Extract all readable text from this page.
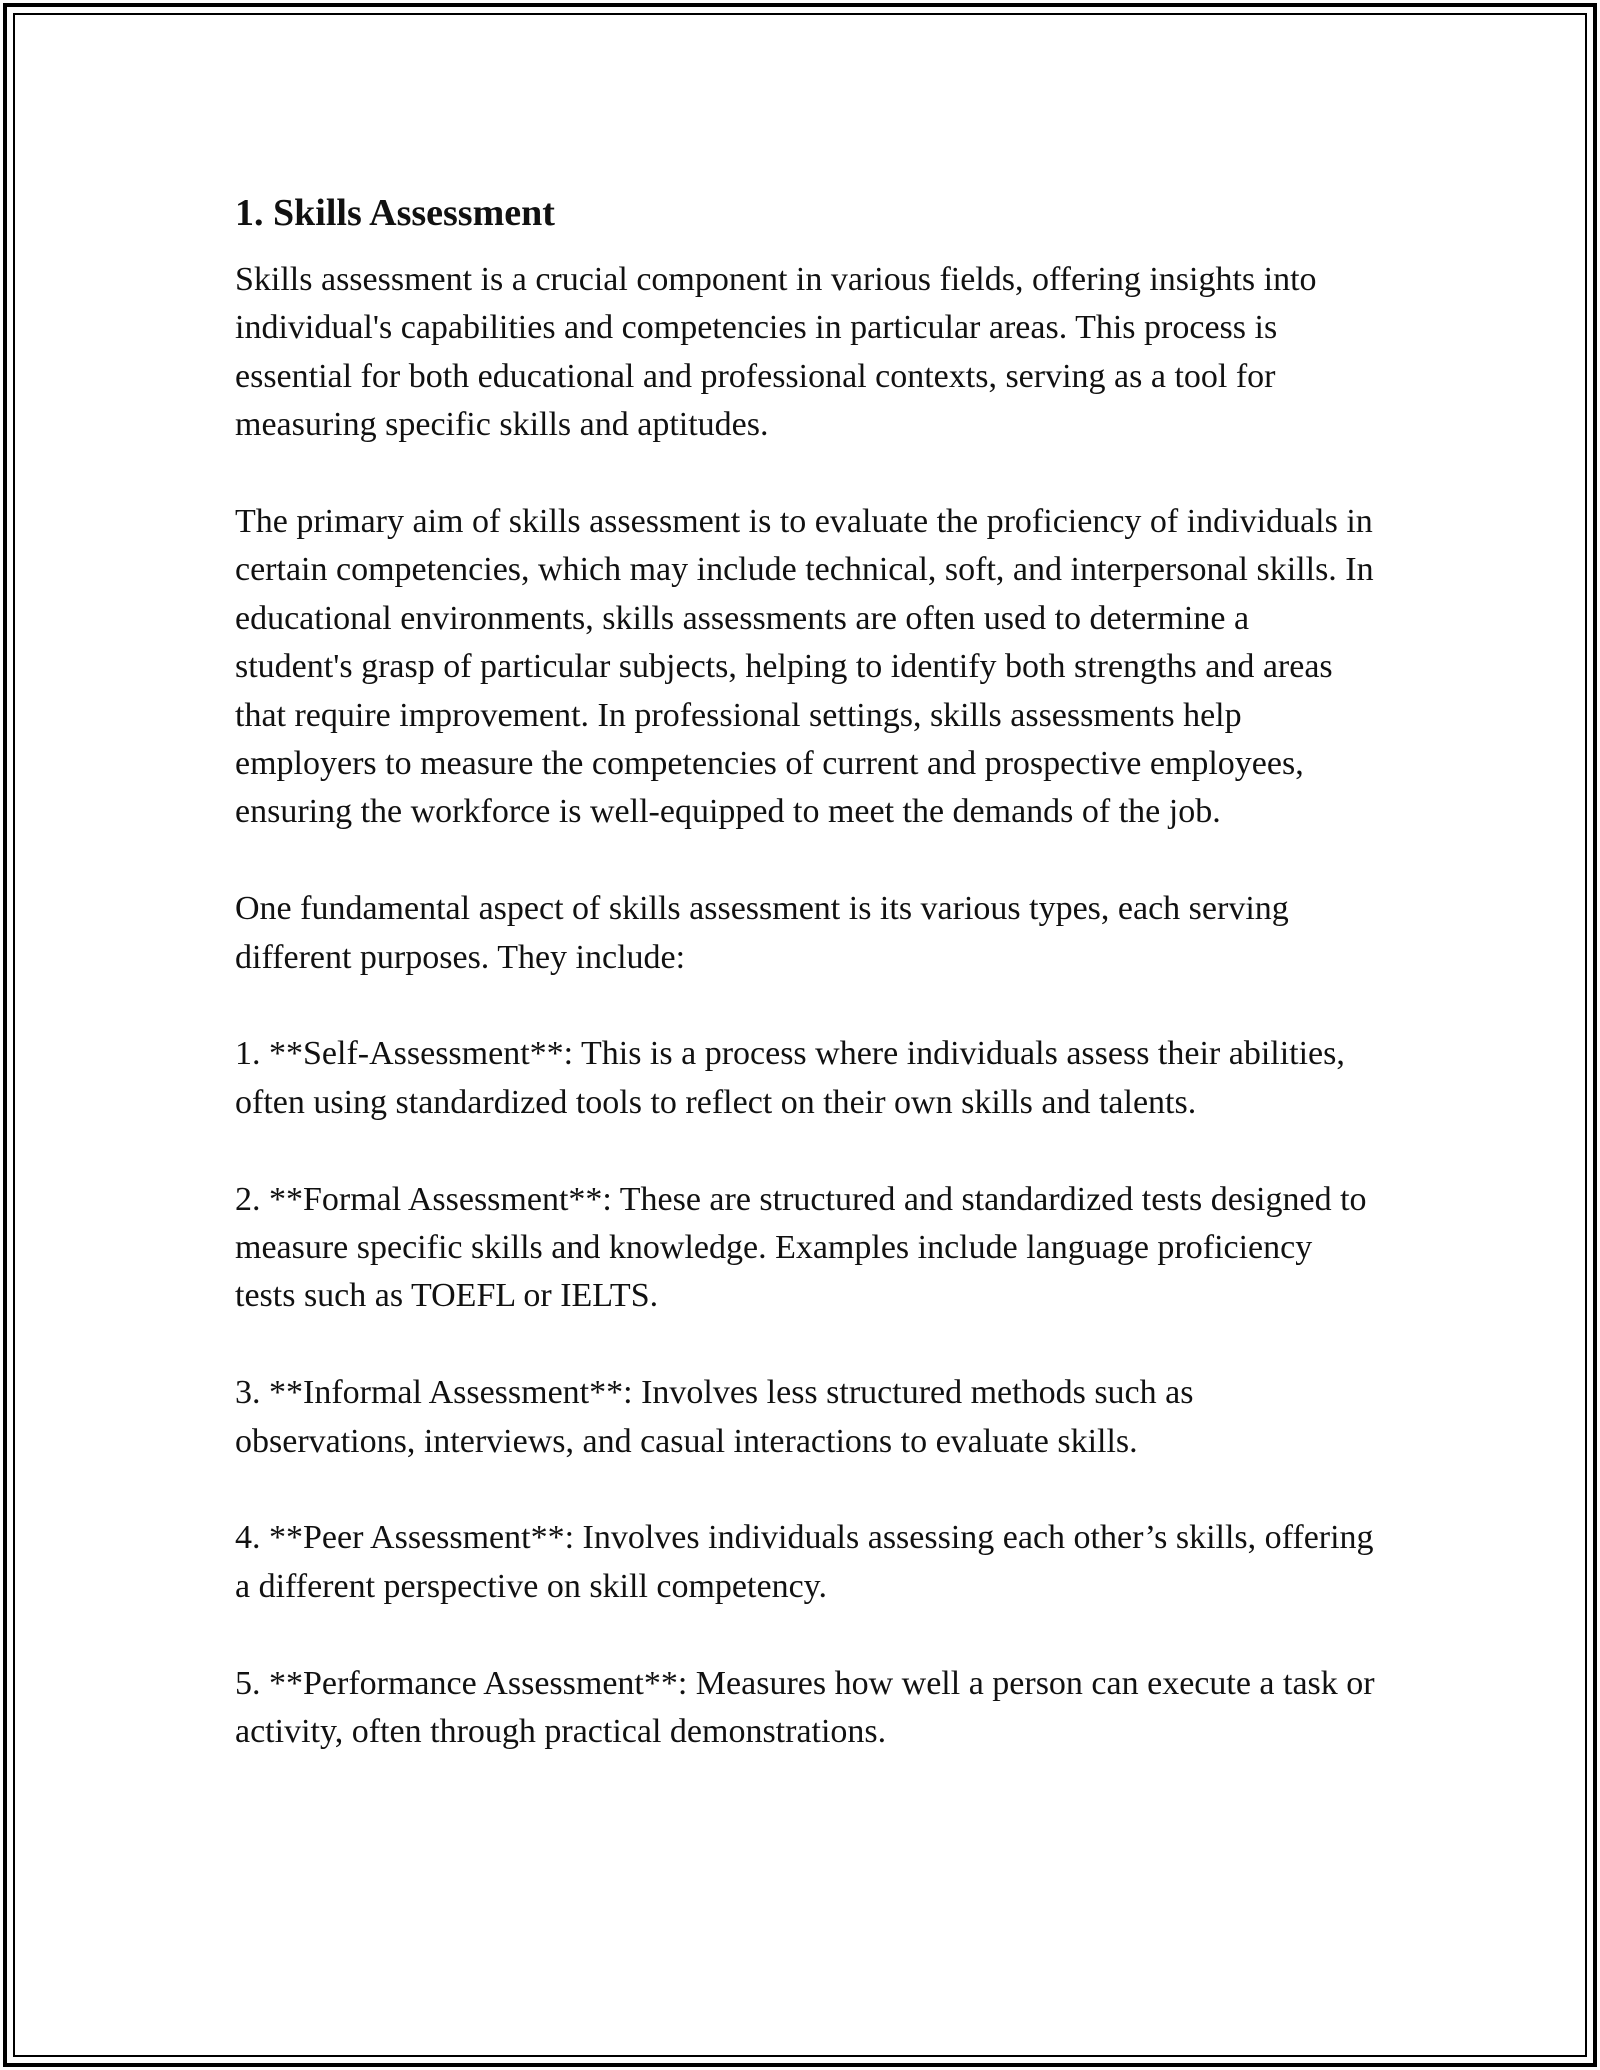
1. Skills Assessment

Skills assessment is a crucial component in various fields, offering insights into individual's capabilities and competencies in particular areas. This process is essential for both educational and professional contexts, serving as a tool for measuring specific skills and aptitudes.

The primary aim of skills assessment is to evaluate the proficiency of individuals in certain competencies, which may include technical, soft, and interpersonal skills. In educational environments, skills assessments are often used to determine a student's grasp of particular subjects, helping to identify both strengths and areas that require improvement. In professional settings, skills assessments help employers to measure the competencies of current and prospective employees, ensuring the workforce is well-equipped to meet the demands of the job.

One fundamental aspect of skills assessment is its various types, each serving different purposes. They include:

1. **Self-Assessment**: This is a process where individuals assess their abilities, often using standardized tools to reflect on their own skills and talents.

2. **Formal Assessment**: These are structured and standardized tests designed to measure specific skills and knowledge. Examples include language proficiency tests such as TOEFL or IELTS.

3. **Informal Assessment**: Involves less structured methods such as observations, interviews, and casual interactions to evaluate skills.

4. **Peer Assessment**: Involves individuals assessing each other’s skills, offering a different perspective on skill competency.

5. **Performance Assessment**: Measures how well a person can execute a task or activity, often through practical demonstrations.
